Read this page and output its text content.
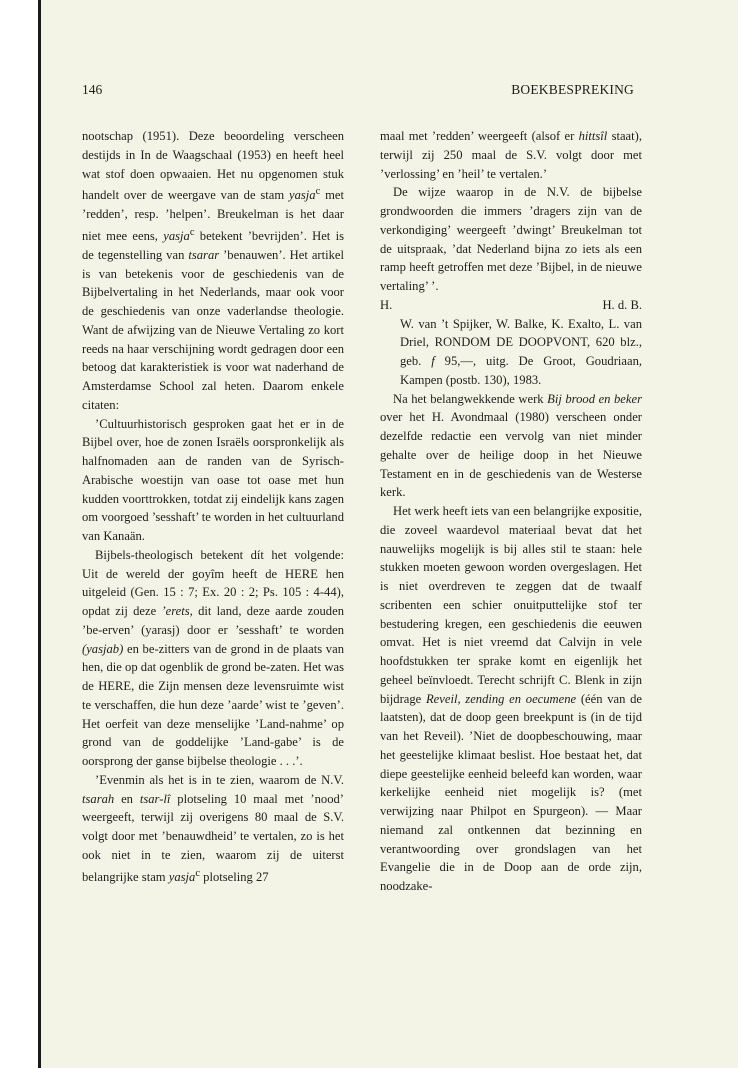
146	BOEKBESPREKING

nootschap (1951). Deze beoordeling verscheen destijds in In de Waagschaal (1953) en heeft heel wat stof doen opwaaien. Het nu opgenomen stuk handelt over de weergave van de stam yasja$^c$ met ’redden’, resp. ’helpen’. Breukelman is het daar niet mee eens, yasja$^c$ betekent ’bevrijden’. Het is de tegenstelling van tsarar ’benauwen’. Het artikel is van betekenis voor de geschiedenis van de Bijbelvertaling in het Nederlands, maar ook voor de geschiedenis van onze vaderlandse theologie. Want de afwijzing van de Nieuwe Vertaling zo kort reeds na haar verschijning wordt gedragen door een betoog dat karakteristiek is voor wat naderhand de Amsterdamse School zal heten. Daarom enkele citaten:

’Cultuurhistorisch gesproken gaat het er in de Bijbel over, hoe de zonen Israëls oorspronkelijk als halfnomaden aan de randen van de Syrisch-Arabische woestijn van oase tot oase met hun kudden voorttrokken, totdat zij eindelijk kans zagen om voorgoed ’sesshaft’ te worden in het cultuurland van Kanaän.

Bijbels-theologisch betekent dít het volgende: Uit de wereld der goyîm heeft de HERE hen uitgeleid (Gen. 15 : 7; Ex. 20 : 2; Ps. 105 : 4-44), opdat zij deze ’erets, dit land, deze aarde zouden ’be-erven’ (yarasj) door er ’sesshaft’ te worden (yasjab) en be-zitters van de grond in de plaats van hen, die op dat ogenblik de grond be-zaten. Het was de HERE, die Zijn mensen deze levensruimte wist te verschaffen, die hun deze ’aarde’ wist te ’geven’. Het oerfeit van deze menselijke ’Land-nahme’ op grond van de goddelijke ’Land-gabe’ is de oorsprong der ganse bijbelse theologie . . .’.

’Evenmin als het is in te zien, waarom de N.V. tsarah en tsar-lî plotseling 10 maal met ’nood’ weergeeft, terwijl zij overigens 80 maal de S.V. volgt door met ’benauwdheid’ te vertalen, zo is het ook niet in te zien, waarom zij de uiterst belangrijke stam yasja$^c$ plotseling 27

maal met ’redden’ weergeeft (alsof er hittsîl staat), terwijl zij 250 maal de S.V. volgt door met ’verlossing’ en ’heil’ te vertalen.’

De wijze waarop in de N.V. de bijbelse grondwoorden die immers ’dragers zijn van de verkondiging’ weergeeft ’dwingt’ Breukelman tot de uitspraak, ’dat Nederland bijna zo iets als een ramp heeft getroffen met deze ’Bijbel, in de nieuwe vertaling’ ’.

H.	H. d. B.

W. van ’t Spijker, W. Balke, K. Exalto, L. van Driel, RONDOM DE DOOPVONT, 620 blz., geb. f 95,—, uitg. De Groot, Goudriaan, Kampen (postb. 130), 1983.

Na het belangwekkende werk Bij brood en beker over het H. Avondmaal (1980) verscheen onder dezelfde redactie een vervolg van niet minder gehalte over de heilige doop in het Nieuwe Testament en in de geschiedenis van de Westerse kerk.

Het werk heeft iets van een belangrijke expositie, die zoveel waardevol materiaal bevat dat het nauwelijks mogelijk is bij alles stil te staan: hele stukken moeten gewoon worden overgeslagen. Het is niet overdreven te zeggen dat de twaalf scribenten een schier onuitputtelijke stof ter bestudering kregen, een geschiedenis die eeuwen omvat. Het is niet vreemd dat Calvijn in vele hoofdstukken ter sprake komt en eigenlijk het geheel beïnvloedt. Terecht schrijft C. Blenk in zijn bijdrage Reveil, zending en oecumene (één van de laatsten), dat de doop geen breekpunt is (in de tijd van het Reveil). ’Niet de doopbeschouwing, maar het geestelijke klimaat beslist. Hoe bestaat het, dat diepe geestelijke eenheid beleefd kan worden, waar kerkelijke eenheid niet mogelijk is? (met verwijzing naar Philpot en Spurgeon). — Maar niemand zal ontkennen dat bezinning en verantwoording over grondslagen van het Evangelie die in de Doop aan de orde zijn, noodzake-
